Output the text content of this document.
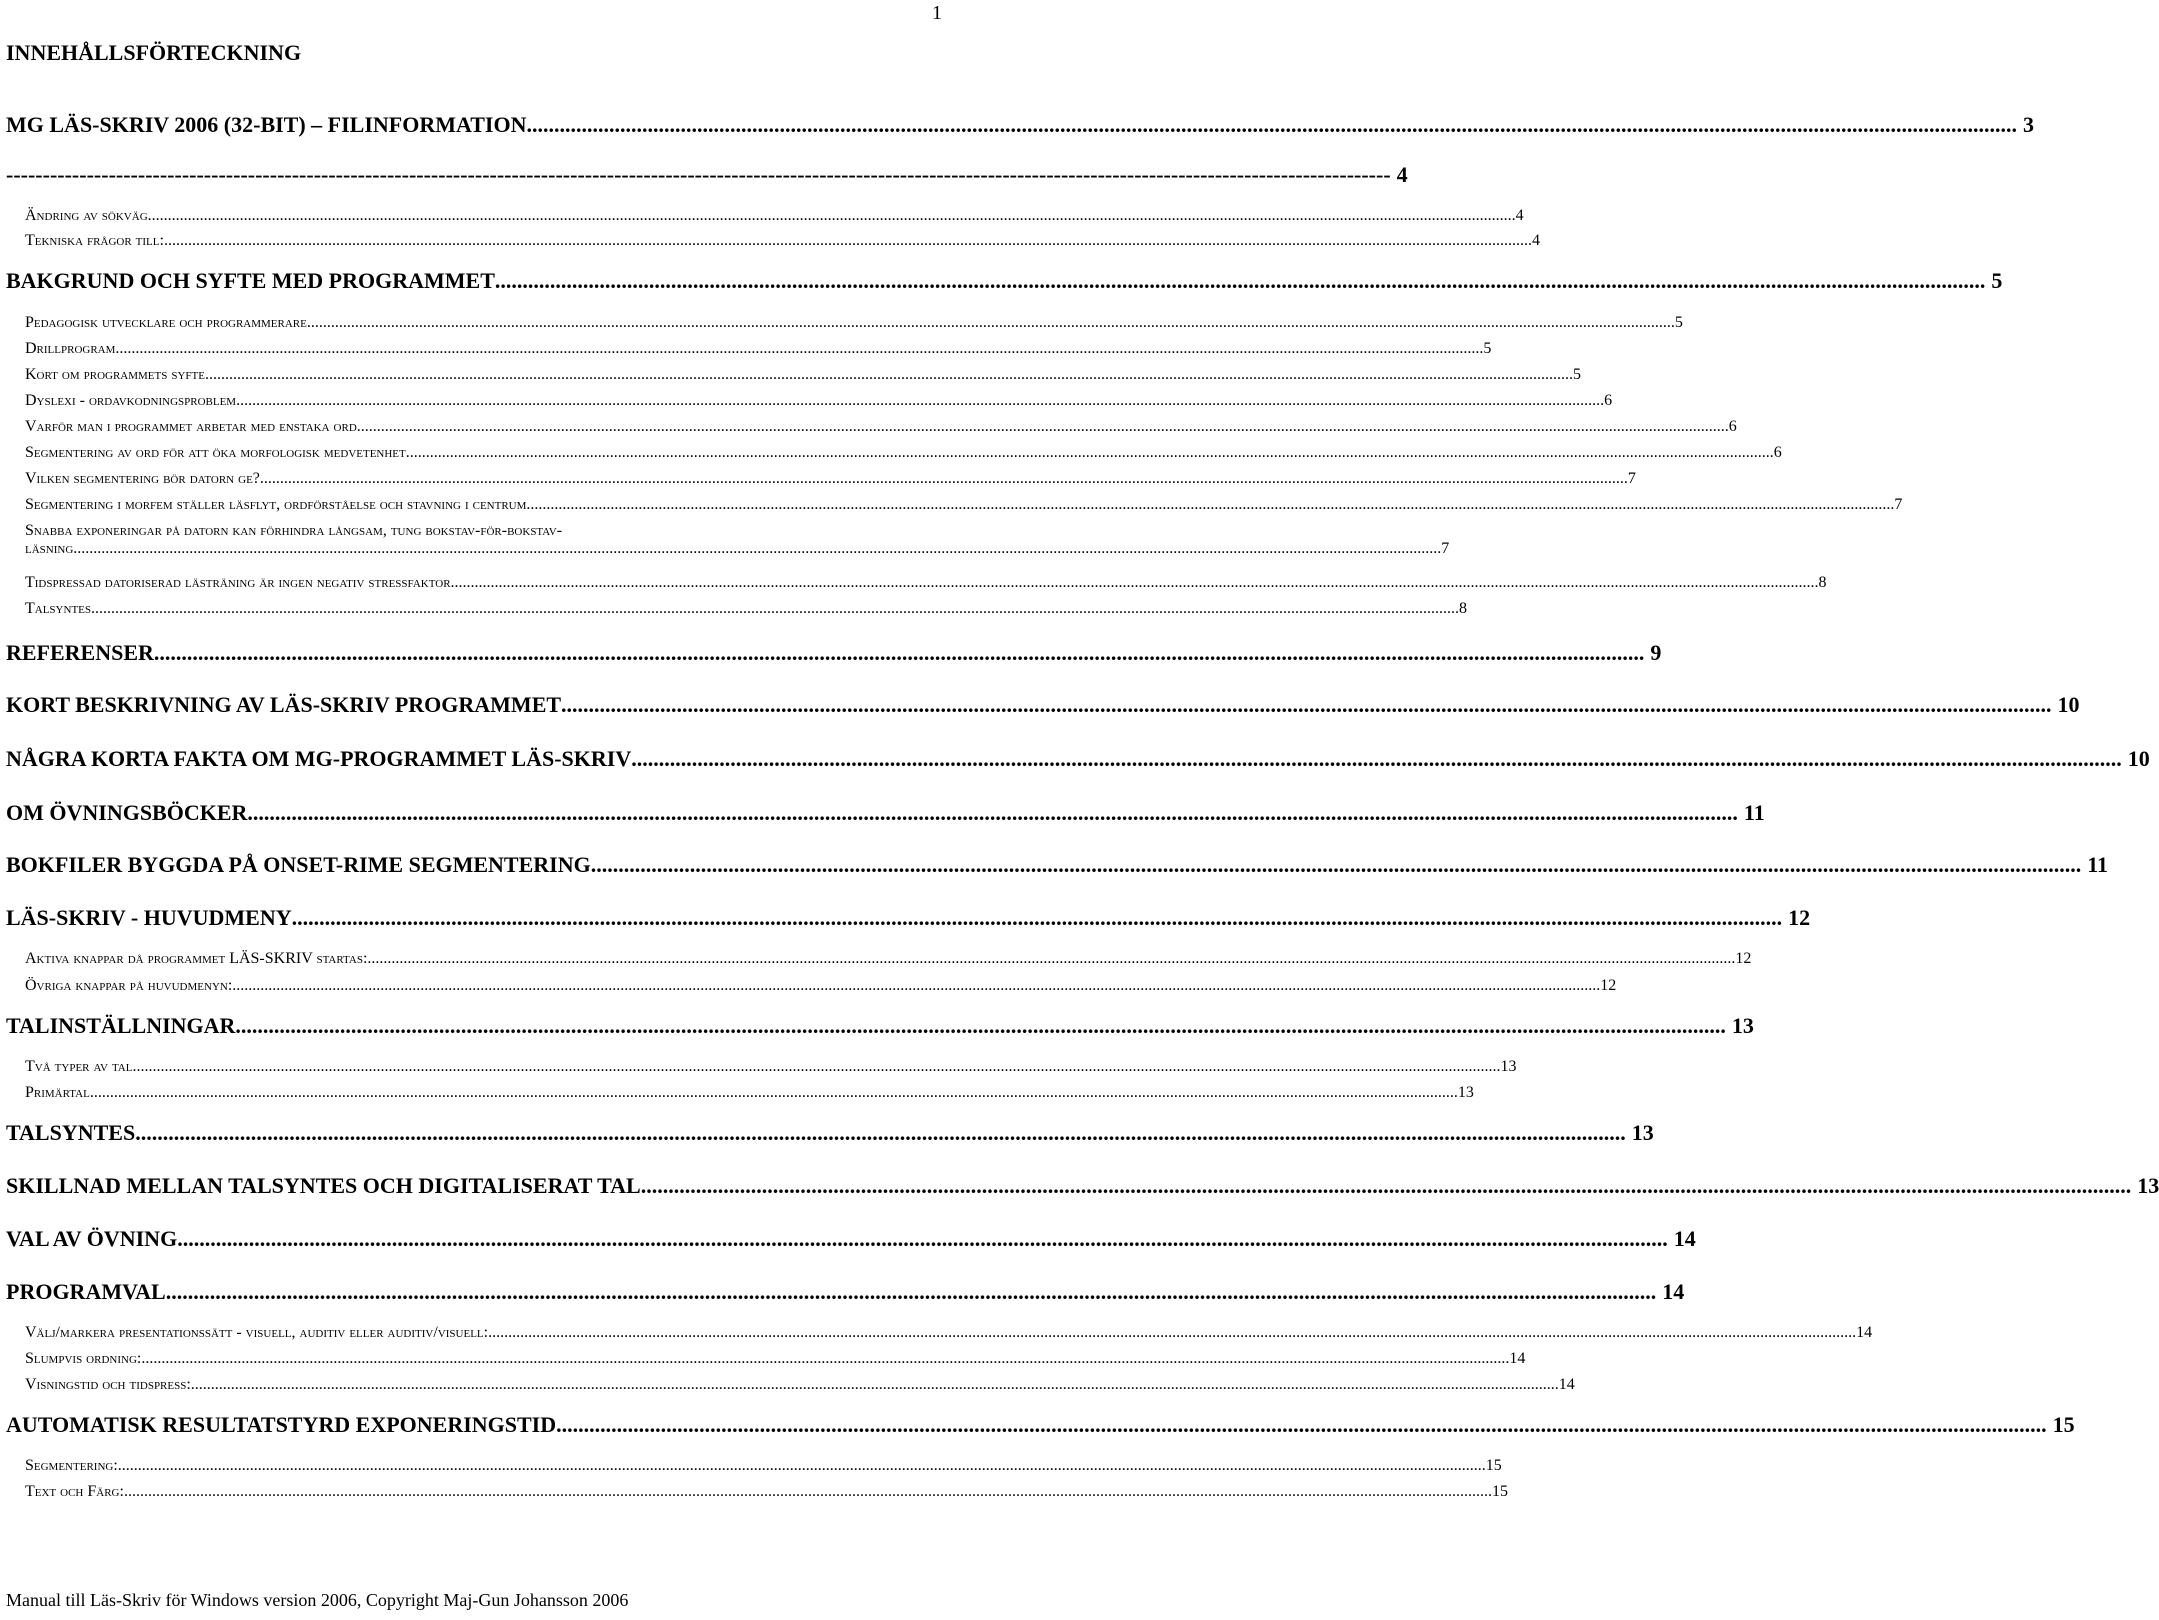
1
INNEHÅLLSFÖRTECKNING
MG LÄS-SKRIV 2006 (32-BIT) – FILINFORMATION .....	3
--------------------------------------------------------------------------------------------------------------------------------------------------------------------------------------------- 4
Ändring av sökväg .....	4
Tekniska frågor till: .....	4
BAKGRUND OCH SYFTE MED PROGRAMMET .....	5
Pedagogisk utvecklare och programmerare .....	5
Drillprogram .....	5
Kort om programmets syfte .....	5
Dyslexi - ordavkodningsproblem .....	6
Varför man i programmet arbetar med enstaka ord. .....	6
Segmentering av ord för att öka morfologisk medvetenhet .....	6
Vilken segmentering bör datorn ge? .....	7
Segmentering i morfem ställer läsflyt, ordförståelse och stavning i centrum .....	7
Snabba exponeringar på datorn kan förhindra långsam, tung bokstav-för-bokstav-
läsning .....	7
Tidspressad datoriserad lästräning är ingen negativ stressfaktor .....	8
Talsyntes .....	8
REFERENSER .....	9
KORT BESKRIVNING AV LÄS-SKRIV PROGRAMMET .....	10
NÅGRA KORTA FAKTA OM MG-PROGRAMMET LÄS-SKRIV .....	10
OM ÖVNINGSBÖCKER .....	11
BOKFILER BYGGDA PÅ ONSET-RIME SEGMENTERING .....	11
LÄS-SKRIV - HUVUDMENY .....	12
Aktiva knappar då programmet LÄS-SKRIV startas: .....	12
Övriga knappar på huvudmenyn: .....	12
TALINSTÄLLNINGAR .....	13
Två typer av tal .....	13
Primärtal .....	13
TALSYNTES .....	13
SKILLNAD MELLAN TALSYNTES OCH DIGITALISERAT TAL .....	13
VAL AV ÖVNING .....	14
PROGRAMVAL .....	14
Välj/markera presentationssätt - visuell, auditiv eller auditiv/visuell: .....	14
Slumpvis ordning: .....	14
Visningstid och tidspress: .....	14
AUTOMATISK RESULTATSTYRD EXPONERINGSTID .....	15
Segmentering: .....	15
Text och Färg: .....	15
Manual till Läs-Skriv för Windows version 2006, Copyright Maj-Gun Johansson 2006
